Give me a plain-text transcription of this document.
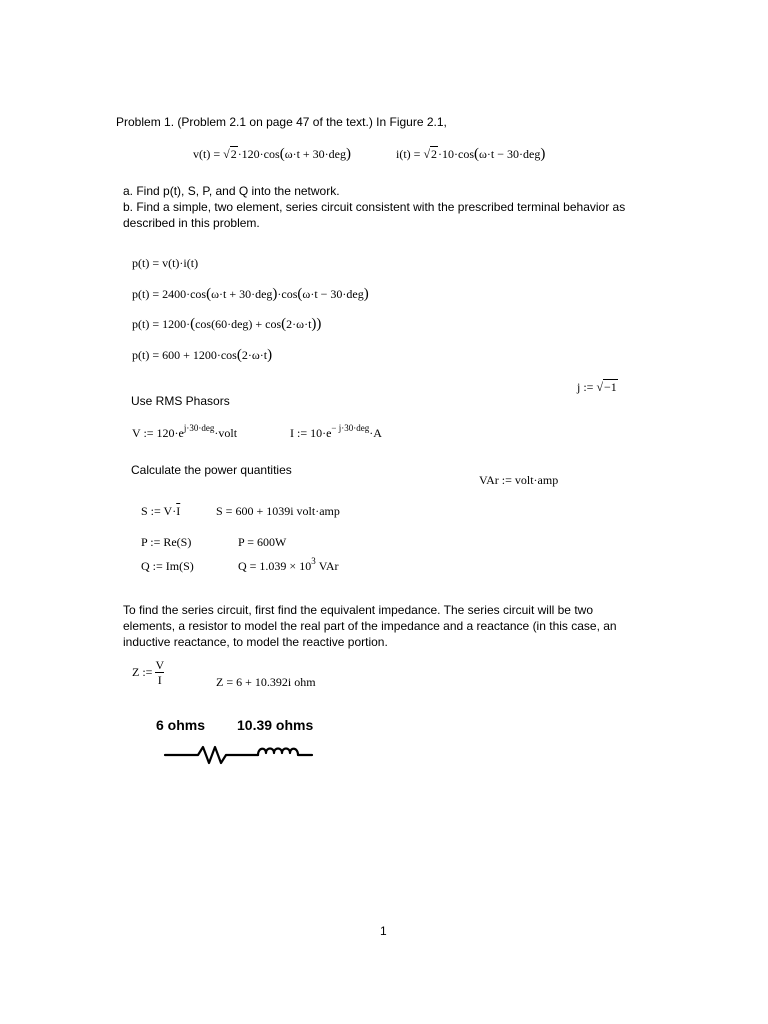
Problem 1. (Problem 2.1 on page 47 of the text.) In Figure 2.1,
v(t) = √2·120·cos(ω·t + 30·deg)	i(t) = √2·10·cos(ω·t − 30·deg)
a. Find p(t), S, P, and Q into the network.
b. Find a simple, two element, series circuit consistent with the prescribed terminal behavior as
described in this problem.
p(t) = v(t)·i(t)
p(t) = 2400·cos(ω·t + 30·deg)·cos(ω·t − 30·deg)
p(t) = 1200·(cos(60·deg) + cos(2·ω·t))
p(t) = 600 + 1200·cos(2·ω·t)
j := √−1
Use RMS Phasors
V := $120\cdot e^{j\cdot 30\cdot deg}\cdot volt$	I := $10\cdot e^{- j\cdot 30\cdot deg}\cdot A$
Calculate the power quantities
VAr := volt·amp
S := $V\cdot\overline{I}$	S = 600 + 1039i volt·amp
P := Re(S)	P = 600W
Q := Im(S)	$Q = 1.039 \times 10^3$ VAr
To find the series circuit, first find the equivalent impedance. The series circuit will be two
elements, a resistor to model the real part of the impedance and a reactance (in this case, an
inductive reactance, to model the reactive portion.
Z := $\frac{V}{I}$	Z = 6 + 10.392i ohm
6 ohms 10.39 ohms
1
